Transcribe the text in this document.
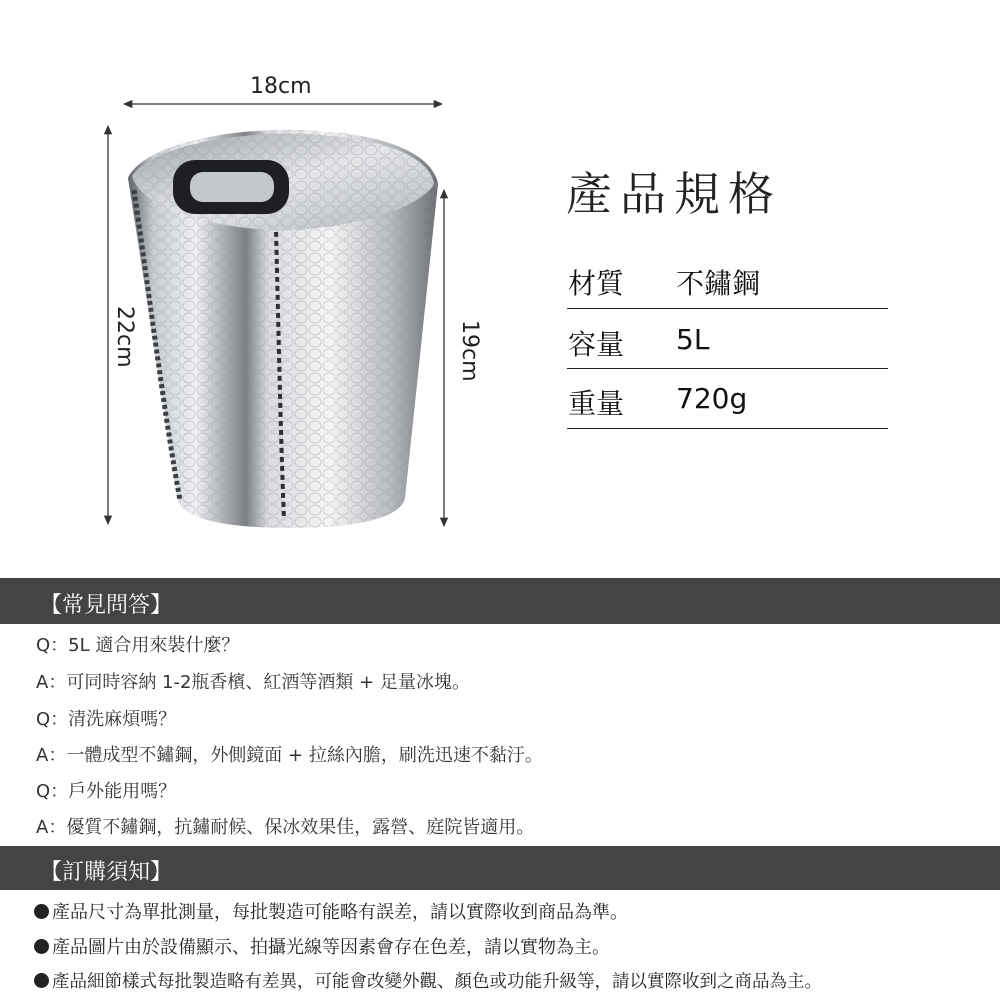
18cm
22cm	19cm
產品規格
材質 不鏽鋼
容量 5L
重量 720g
【常見問答】
Q：5L 適合用來裝什麼？
A：可同時容納 1-2瓶香檳、紅酒等酒類 + 足量冰塊。
Q：清洗麻煩嗎？
A：一體成型不鏽鋼，外側鏡面 + 拉絲內膽，刷洗迅速不黏汙。
Q：戶外能用嗎？
A：優質不鏽鋼，抗鏽耐候、保冰效果佳，露營、庭院皆適用。
【訂購須知】
產品尺寸為單批測量，每批製造可能略有誤差，請以實際收到商品為準。
產品圖片由於設備顯示、拍攝光線等因素會存在色差，請以實物為主。
產品細節樣式每批製造略有差異，可能會改變外觀、顏色或功能升級等，請以實際收到之商品為主。
